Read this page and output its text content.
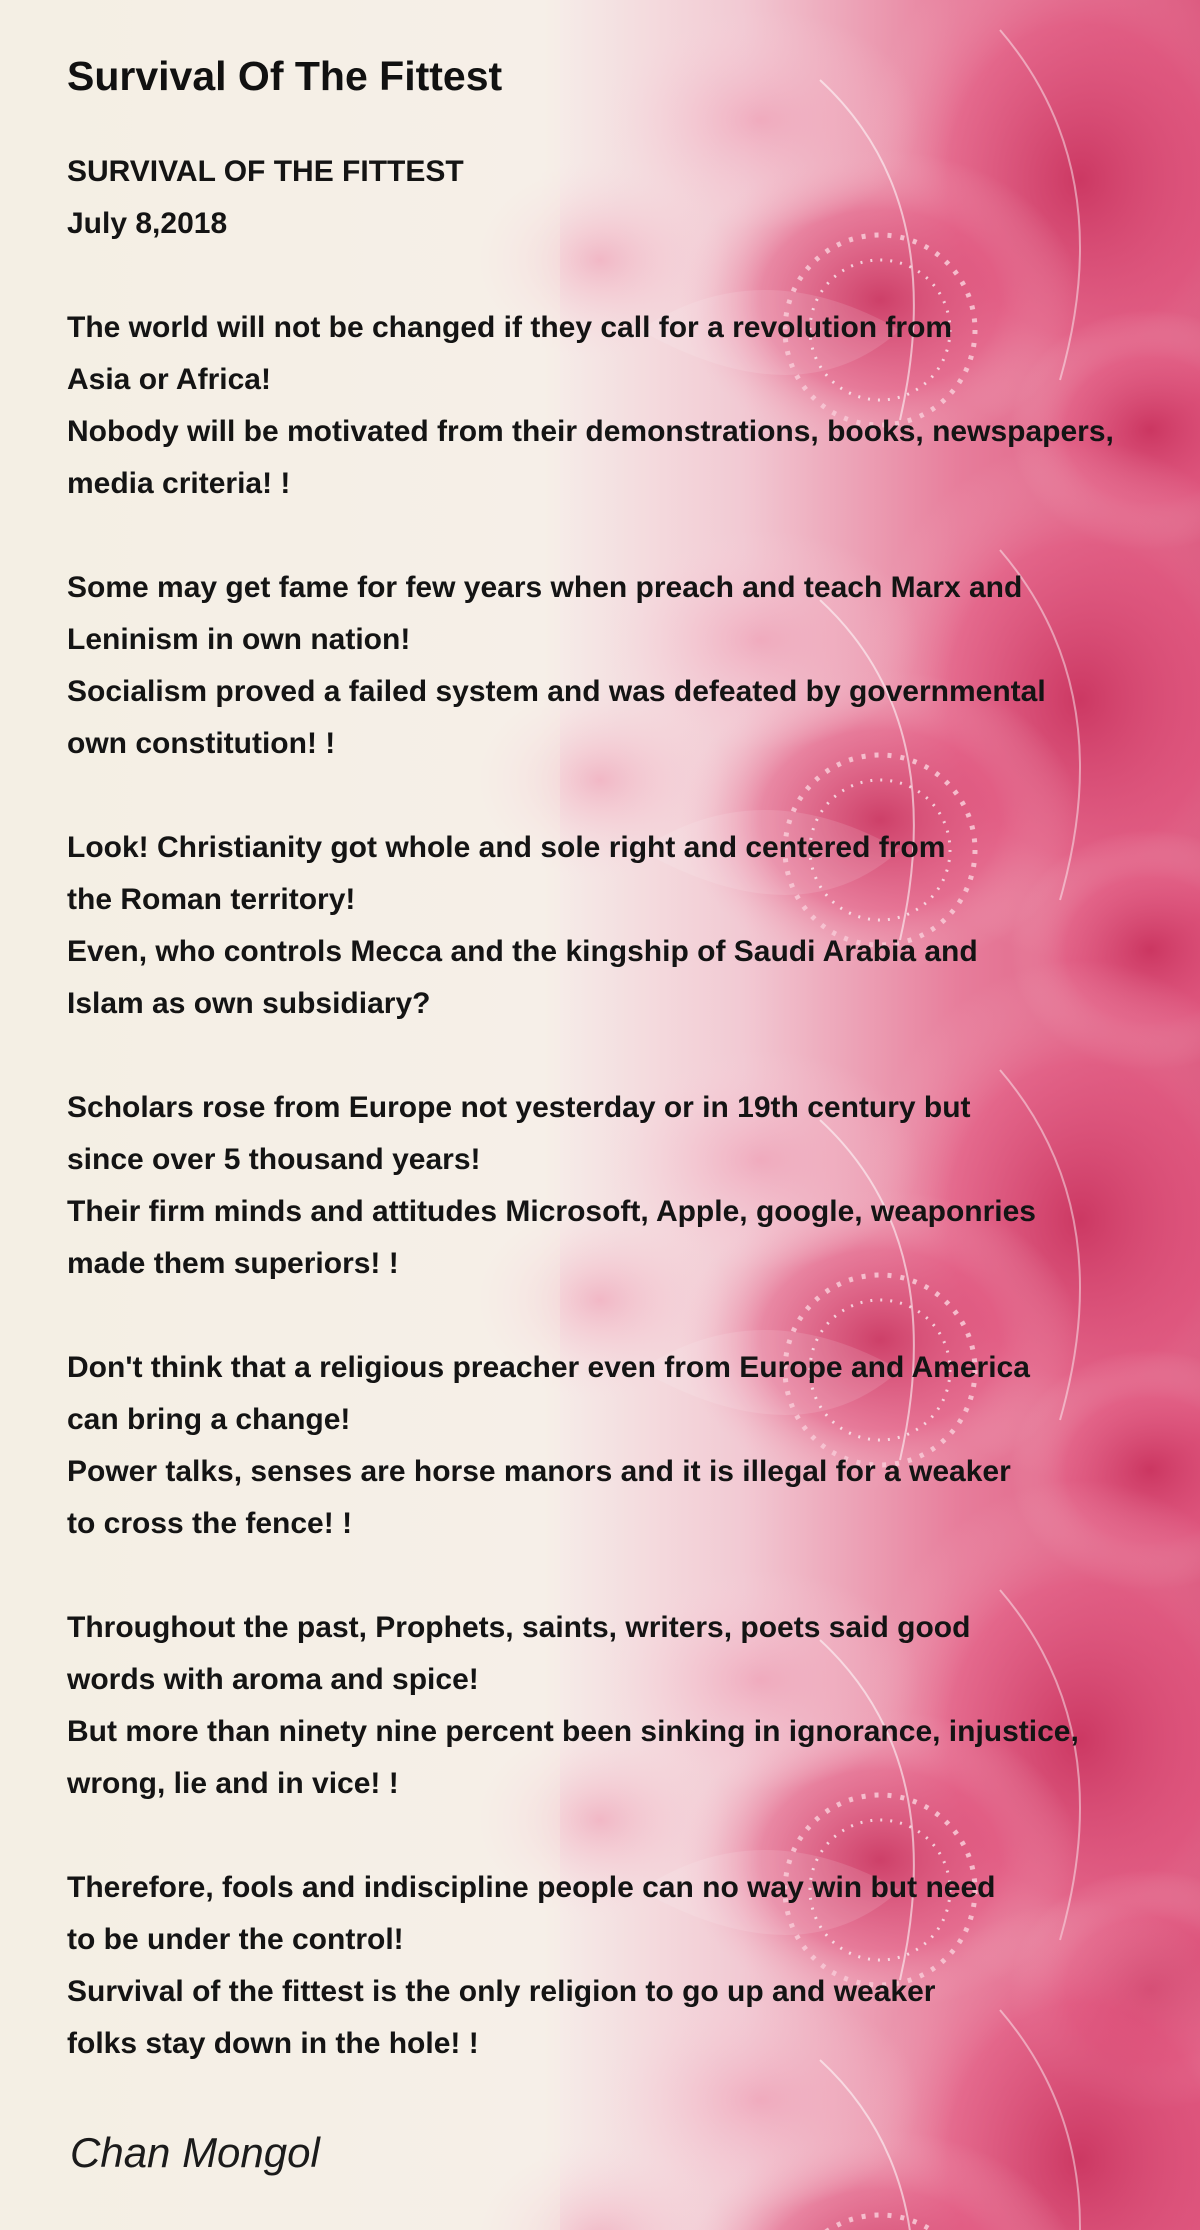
Survival Of The Fittest
SURVIVAL OF THE FITTEST
July 8,2018
The world will not be changed if they call for a revolution from
Asia or Africa!
Nobody will be motivated from their demonstrations, books, newspapers,
media criteria! !
Some may get fame for few years when preach and teach Marx and
Leninism in own nation!
Socialism proved a failed system and was defeated by governmental
own constitution! !
Look! Christianity got whole and sole right and centered from
the Roman territory!
Even, who controls Mecca and the kingship of Saudi Arabia and
Islam as own subsidiary?
Scholars rose from Europe not yesterday or in 19th century but
since over 5 thousand years!
Their firm minds and attitudes Microsoft, Apple, google, weaponries
made them superiors! !
Don't think that a religious preacher even from Europe and America
can bring a change!
Power talks, senses are horse manors and it is illegal for a weaker
to cross the fence! !
Throughout the past, Prophets, saints, writers, poets said good
words with aroma and spice!
But more than ninety nine percent been sinking in ignorance, injustice,
wrong, lie and in vice! !
Therefore, fools and indiscipline people can no way win but need
to be under the control!
Survival of the fittest is the only religion to go up and weaker
folks stay down in the hole! !
Chan Mongol
